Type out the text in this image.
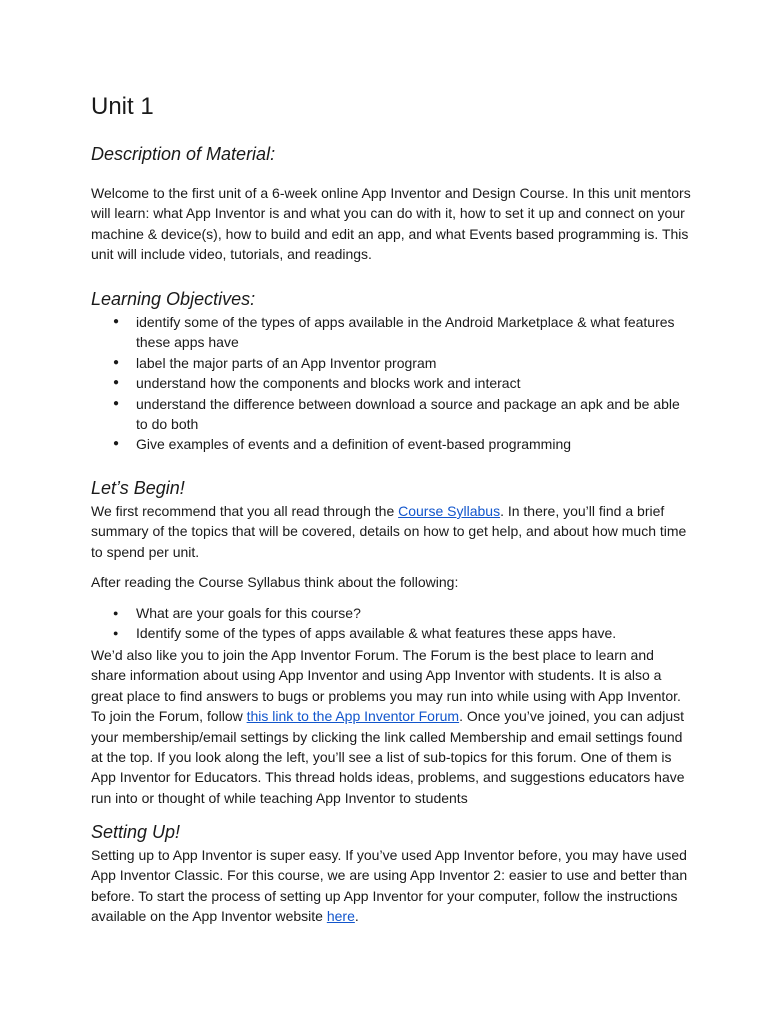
Unit 1
Description of Material:

Welcome to the first unit of a 6-week online App Inventor and Design Course. In this unit mentors will learn: what App Inventor is and what you can do with it, how to set it up and connect on your machine & device(s), how to build and edit an app, and what Events based programming is. This unit will include video, tutorials, and readings.

Learning Objectives:
● identify some of the types of apps available in the Android Marketplace & what features these apps have
● label the major parts of an App Inventor program
● understand how the components and blocks work and interact
● understand the difference between download a source and package an apk and be able to do both
● Give examples of events and a definition of event-based programming
Let’s Begin!

We first recommend that you all read through the Course Syllabus. In there, you’ll find a brief summary of the topics that will be covered, details on how to get help, and about how much time to spend per unit.

After reading the Course Syllabus think about the following:

● What are your goals for this course?
● Identify some of the types of apps available & what features these apps have.

We’d also like you to join the App Inventor Forum. The Forum is the best place to learn and share information about using App Inventor and using App Inventor with students. It is also a great place to find answers to bugs or problems you may run into while using with App Inventor. To join the Forum, follow this link to the App Inventor Forum. Once you’ve joined, you can adjust your membership/email settings by clicking the link called Membership and email settings found at the top. If you look along the left, you’ll see a list of sub-topics for this forum. One of them is App Inventor for Educators. This thread holds ideas, problems, and suggestions educators have run into or thought of while teaching App Inventor to students

Setting Up!

Setting up to App Inventor is super easy. If you’ve used App Inventor before, you may have used App Inventor Classic. For this course, we are using App Inventor 2: easier to use and better than before. To start the process of setting up App Inventor for your computer, follow the instructions available on the App Inventor website here.
